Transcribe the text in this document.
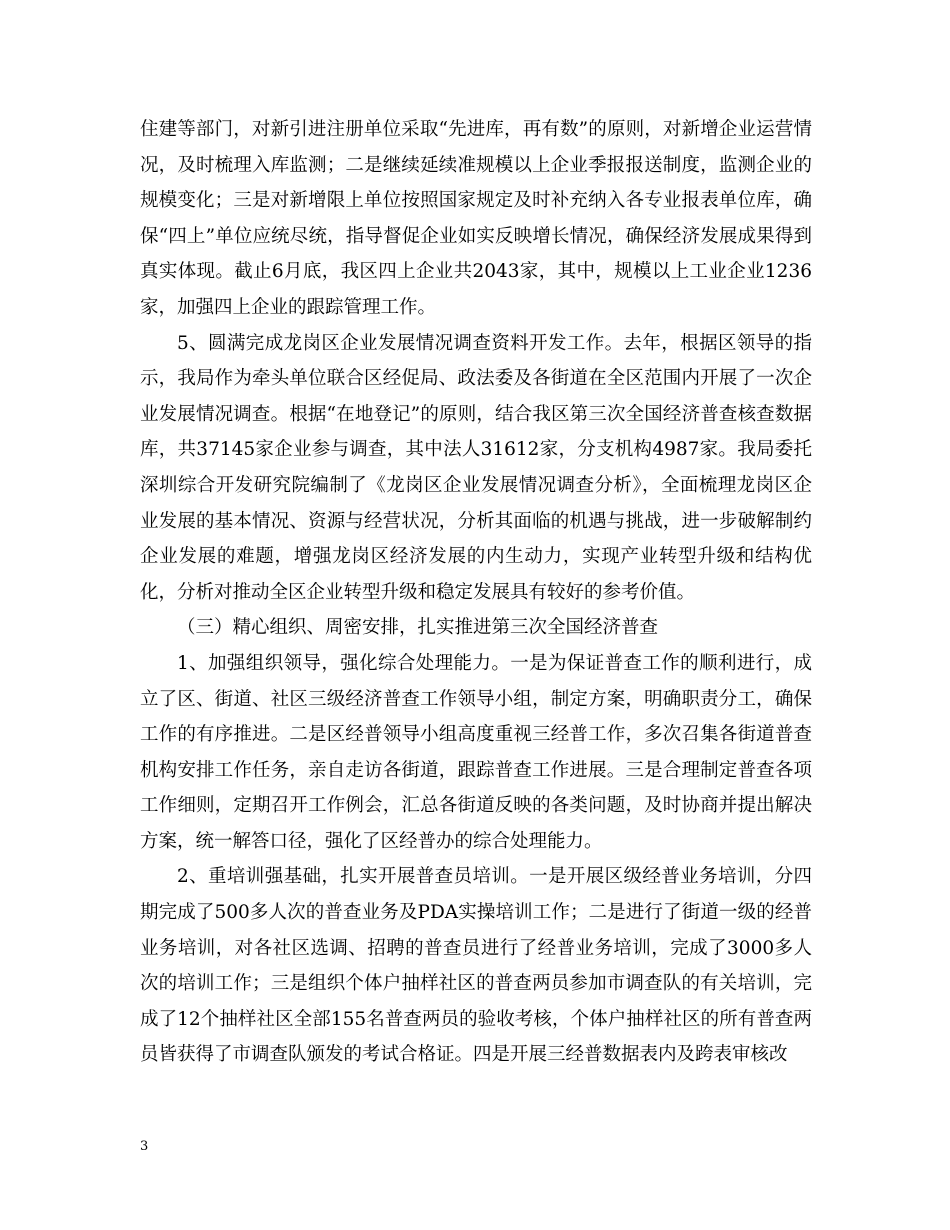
住建等部门，对新引进注册单位采取“先进库，再有数”的原则，对新增企业运营情况，及时梳理入库监测；二是继续延续准规模以上企业季报报送制度，监测企业的规模变化；三是对新增限上单位按照国家规定及时补充纳入各专业报表单位库，确保“四上”单位应统尽统，指导督促企业如实反映增长情况，确保经济发展成果得到真实体现。截止6月底，我区四上企业共2043家，其中，规模以上工业企业1236家，加强四上企业的跟踪管理工作。

5、圆满完成龙岗区企业发展情况调查资料开发工作。去年，根据区领导的指示，我局作为牵头单位联合区经促局、政法委及各街道在全区范围内开展了一次企业发展情况调查。根据“在地登记”的原则，结合我区第三次全国经济普查核查数据库，共37145家企业参与调查，其中法人31612家，分支机构4987家。我局委托深圳综合开发研究院编制了《龙岗区企业发展情况调查分析》，全面梳理龙岗区企业发展的基本情况、资源与经营状况，分析其面临的机遇与挑战，进一步破解制约企业发展的难题，增强龙岗区经济发展的内生动力，实现产业转型升级和结构优化，分析对推动全区企业转型升级和稳定发展具有较好的参考价值。

（三）精心组织、周密安排，扎实推进第三次全国经济普查

1、加强组织领导，强化综合处理能力。一是为保证普查工作的顺利进行，成立了区、街道、社区三级经济普查工作领导小组，制定方案，明确职责分工，确保工作的有序推进。二是区经普领导小组高度重视三经普工作，多次召集各街道普查机构安排工作任务，亲自走访各街道，跟踪普查工作进展。三是合理制定普查各项工作细则，定期召开工作例会，汇总各街道反映的各类问题，及时协商并提出解决方案，统一解答口径，强化了区经普办的综合处理能力。

2、重培训强基础，扎实开展普查员培训。一是开展区级经普业务培训，分四期完成了500多人次的普查业务及PDA实操培训工作；二是进行了街道一级的经普业务培训，对各社区选调、招聘的普查员进行了经普业务培训，完成了3000多人次的培训工作；三是组织个体户抽样社区的普查两员参加市调查队的有关培训，完成了12个抽样社区全部155名普查两员的验收考核，个体户抽样社区的所有普查两员皆获得了市调查队颁发的考试合格证。四是开展三经普数据表内及跨表审核改

3
